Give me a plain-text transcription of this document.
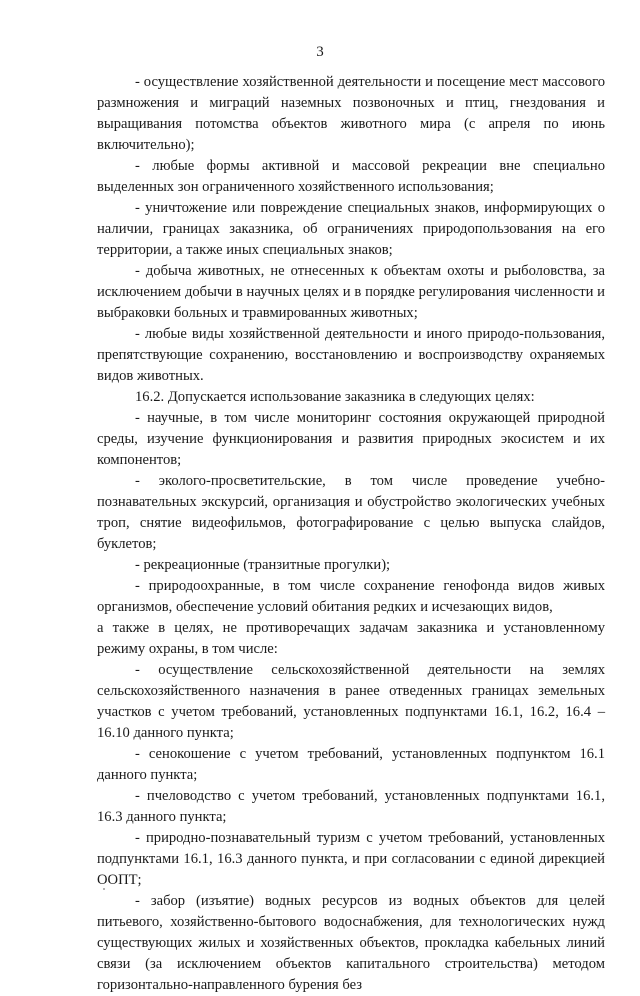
3

- осуществление хозяйственной деятельности и посещение мест массового размножения и миграций наземных позвоночных и птиц, гнездования и выращивания потомства объектов животного мира (с апреля по июнь включительно);

- любые формы активной и массовой рекреации вне специально выделенных зон ограниченного хозяйственного использования;

- уничтожение или повреждение специальных знаков, информирующих о наличии, границах заказника, об ограничениях природопользования на его территории, а также иных специальных знаков;

- добыча животных, не отнесенных к объектам охоты и рыболовства, за исключением добычи в научных целях и в порядке регулирования численности и выбраковки больных и травмированных животных;

- любые виды хозяйственной деятельности и иного природо-пользования, препятствующие сохранению, восстановлению и воспроизводству охраняемых видов животных.

16.2. Допускается использование заказника в следующих целях:

- научные, в том числе мониторинг состояния окружающей природной среды, изучение функционирования и развития природных экосистем и их компонентов;

- эколого-просветительские, в том числе проведение учебно-познавательных экскурсий, организация и обустройство экологических учебных троп, снятие видеофильмов, фотографирование с целью выпуска слайдов, буклетов;

- рекреационные (транзитные прогулки);

- природоохранные, в том числе сохранение генофонда видов живых организмов, обеспечение условий обитания редких и исчезающих видов,

а также в целях, не противоречащих задачам заказника и установленному режиму охраны, в том числе:

- осуществление сельскохозяйственной деятельности на землях сельскохозяйственного назначения в ранее отведенных границах земельных участков с учетом требований, установленных подпунктами 16.1, 16.2, 16.4 – 16.10 данного пункта;

- сенокошение с учетом требований, установленных подпунктом 16.1 данного пункта;

- пчеловодство с учетом требований, установленных подпунктами 16.1, 16.3 данного пункта;

- природно-познавательный туризм с учетом требований, установленных подпунктами 16.1, 16.3 данного пункта, и при согласовании с единой дирекцией ООПТ;

- забор (изъятие) водных ресурсов из водных объектов для целей питьевого, хозяйственно-бытового водоснабжения, для технологических нужд существующих жилых и хозяйственных объектов, прокладка кабельных линий связи (за исключением объектов капитального строительства) методом горизонтально-направленного бурения без
